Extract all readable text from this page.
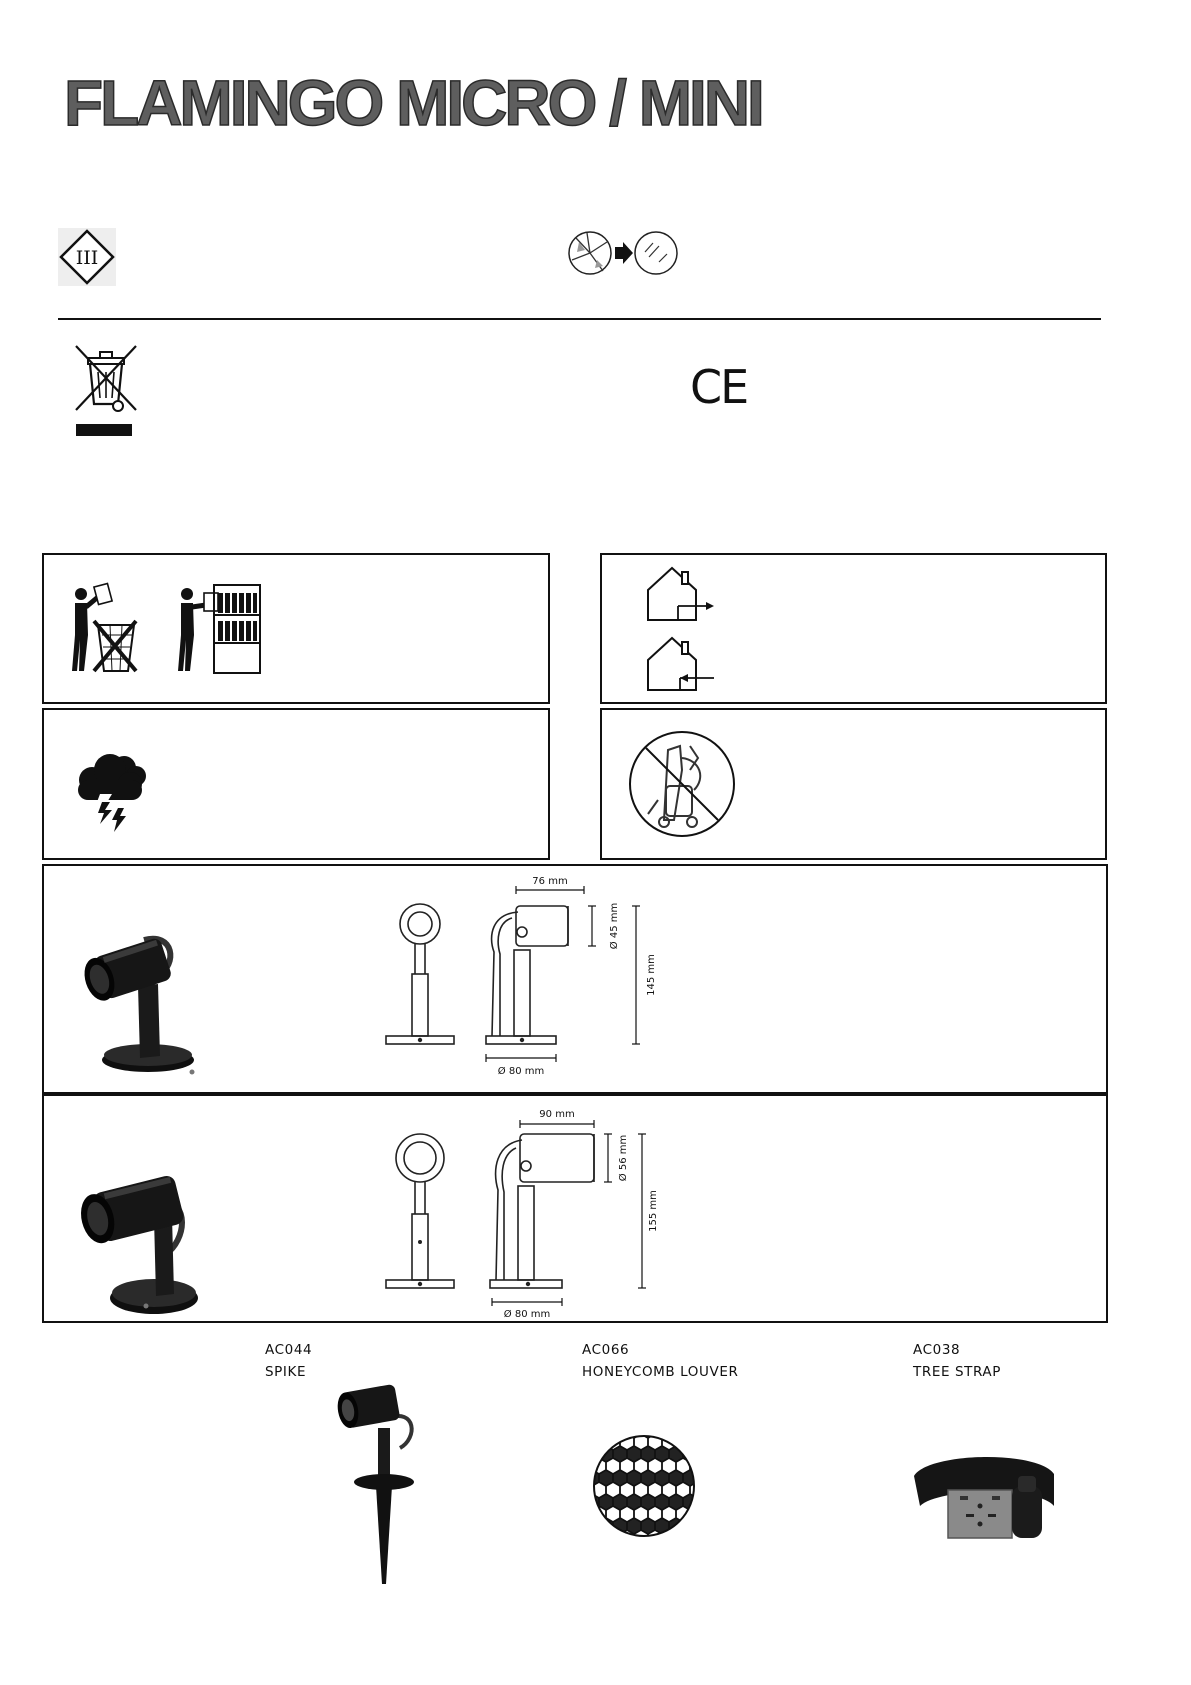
FLAMINGO MICRO / MINI
III
CE
76 mm
Ø 45 mm
145 mm
Ø 80 mm
90 mm
Ø 56 mm
155 mm
Ø 80 mm
AC044
SPIKE
AC066
HONEYCOMB LOUVER
AC038
TREE STRAP
